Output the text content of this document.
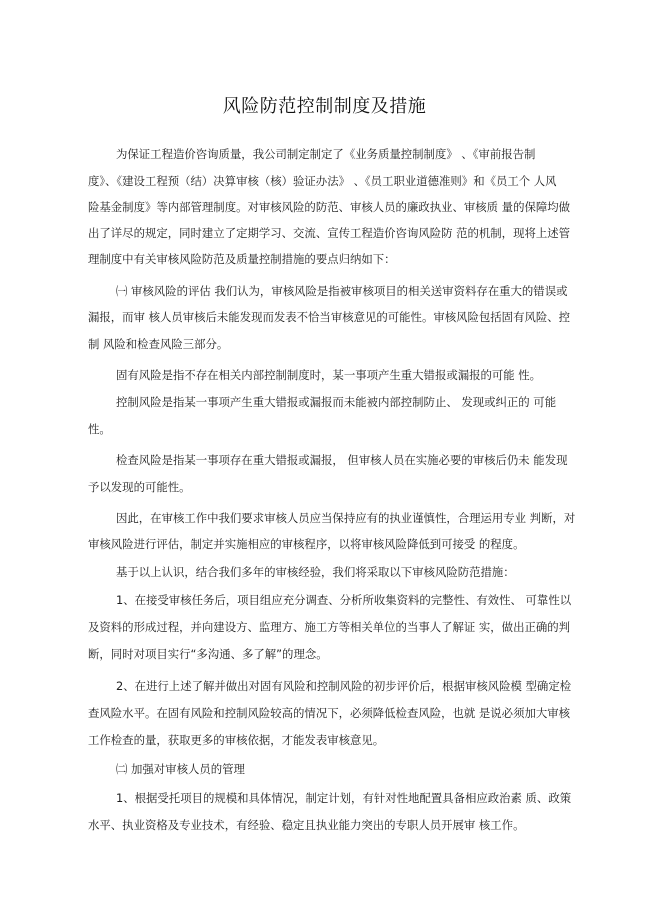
风险防范控制制度及措施
为保证工程造价咨询质量，我公司制定制定了《业务质量控制制度》 、《审前报告制
度》、《建设工程预（结）决算审核（核）验证办法》 、《员工职业道德准则》和《员工个 人风
险基金制度》等内部管理制度。对审核风险的防范、审核人员的廉政执业、审核质 量的保障均做
出了详尽的规定，同时建立了定期学习、交流、宣传工程造价咨询风险防 范的机制，现将上述管
理制度中有关审核风险防范及质量控制措施的要点归纳如下：
㈠ 审核风险的评估 我们认为，审核风险是指被审核项目的相关送审资料存在重大的错误或
漏报，而审 核人员审核后未能发现而发表不恰当审核意见的可能性。审核风险包括固有风险、控
制 风险和检查风险三部分。
固有风险是指不存在相关内部控制制度时，某一事项产生重大错报或漏报的可能 性。
控制风险是指某一事项产生重大错报或漏报而未能被内部控制防止、 发现或纠正的 可能
性。
检查风险是指某一事项存在重大错报或漏报， 但审核人员在实施必要的审核后仍未 能发现
予以发现的可能性。
因此，在审核工作中我们要求审核人员应当保持应有的执业谨慎性，合理运用专业 判断，对
审核风险进行评估，制定并实施相应的审核程序，以将审核风险降低到可接受 的程度。
基于以上认识，结合我们多年的审核经验，我们将采取以下审核风险防范措施：
1、在接受审核任务后，项目组应充分调查、分析所收集资料的完整性、有效性、 可靠性以
及资料的形成过程，并向建设方、监理方、施工方等相关单位的当事人了解证 实，做出正确的判
断，同时对项目实行“多沟通、多了解”的理念。
2、在进行上述了解并做出对固有风险和控制风险的初步评价后，根据审核风险模 型确定检
查风险水平。在固有风险和控制风险较高的情况下，必须降低检查风险，也就 是说必须加大审核
工作检查的量，获取更多的审核依据，才能发表审核意见。
㈡ 加强对审核人员的管理
1、根据受托项目的规模和具体情况，制定计划，有针对性地配置具备相应政治素 质、政策
水平、执业资格及专业技术，有经验、稳定且执业能力突出的专职人员开展审 核工作。
